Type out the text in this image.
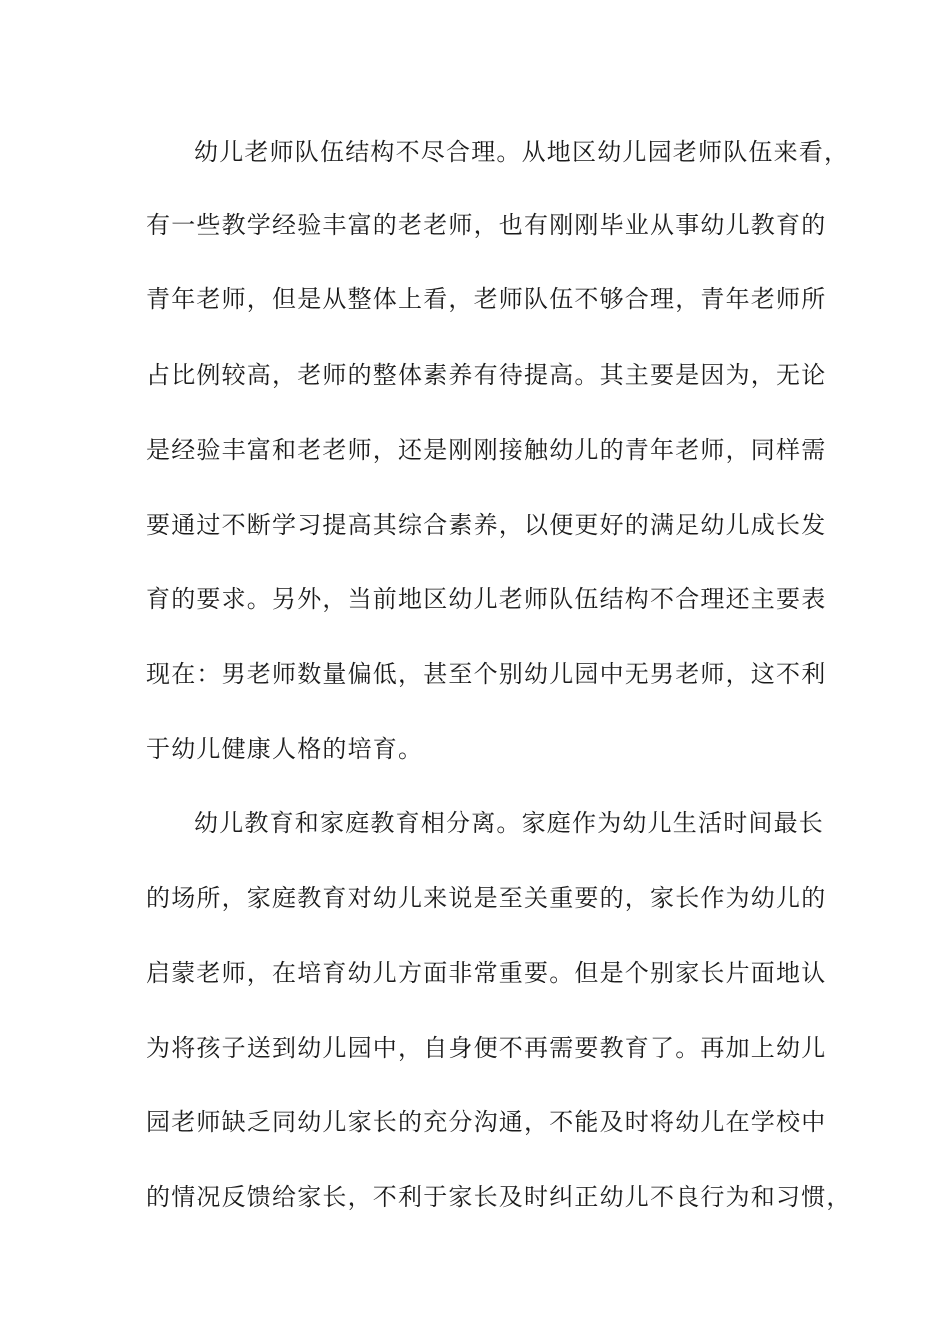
幼儿老师队伍结构不尽合理。从地区幼儿园老师队伍来看，
有一些教学经验丰富的老老师，也有刚刚毕业从事幼儿教育的
青年老师，但是从整体上看，老师队伍不够合理，青年老师所
占比例较高，老师的整体素养有待提高。其主要是因为，无论
是经验丰富和老老师，还是刚刚接触幼儿的青年老师，同样需
要通过不断学习提高其综合素养，以便更好的满足幼儿成长发
育的要求。另外，当前地区幼儿老师队伍结构不合理还主要表
现在：男老师数量偏低，甚至个别幼儿园中无男老师，这不利
于幼儿健康人格的培育。
幼儿教育和家庭教育相分离。家庭作为幼儿生活时间最长
的场所，家庭教育对幼儿来说是至关重要的，家长作为幼儿的
启蒙老师，在培育幼儿方面非常重要。但是个别家长片面地认
为将孩子送到幼儿园中，自身便不再需要教育了。再加上幼儿
园老师缺乏同幼儿家长的充分沟通，不能及时将幼儿在学校中
的情况反馈给家长，不利于家长及时纠正幼儿不良行为和习惯，
